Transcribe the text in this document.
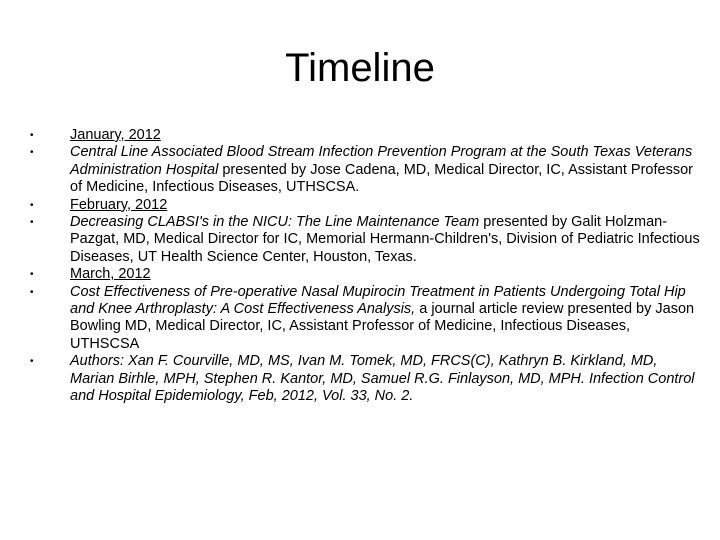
Timeline
•	January, 2012
•	Central Line Associated Blood Stream Infection Prevention Program at the South Texas Veterans Administration Hospital presented by Jose Cadena, MD, Medical Director, IC, Assistant Professor of Medicine, Infectious Diseases, UTHSCSA.
•	February, 2012
•	Decreasing CLABSI's in the NICU: The Line Maintenance Team presented by Galit Holzman-Pazgat, MD, Medical Director for IC, Memorial Hermann-Children's, Division of Pediatric Infectious Diseases, UT Health Science Center, Houston, Texas.
•	March, 2012
•	Cost Effectiveness of Pre-operative Nasal Mupirocin Treatment in Patients Undergoing Total Hip and Knee Arthroplasty: A Cost Effectiveness Analysis, a journal article review presented by Jason Bowling MD, Medical Director, IC, Assistant Professor of Medicine, Infectious Diseases, UTHSCSA
•	Authors: Xan F. Courville, MD, MS, Ivan M. Tomek, MD, FRCS(C), Kathryn B. Kirkland, MD, Marian Birhle, MPH, Stephen R. Kantor, MD, Samuel R.G. Finlayson, MD, MPH. Infection Control and Hospital Epidemiology, Feb, 2012, Vol. 33, No. 2.
